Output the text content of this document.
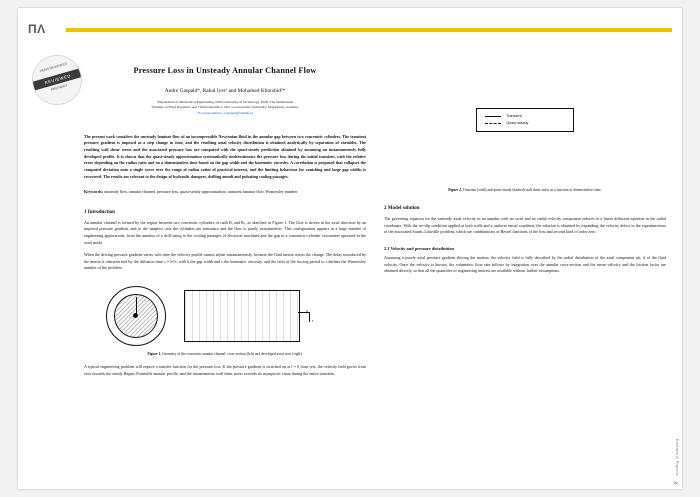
ΠΛ
PEER REVIEWED
REVIEWED
PREPRINT
Pressure Loss in Unsteady Annular Channel Flow
Andre Gaspald*, Rahul Iyer¹ and Mohamed Khorshid²*
¹Department of Mechanical Engineering, Delft University of Technology, Delft, The Netherlands
²Institute of Fluid Dynamics and Thermodynamics, Otto-von-Guericke University, Magdeburg, Germany
*Correspondence: a.gaspald@tudelft.nl
The present work considers the unsteady laminar flow of an incompressible Newtonian fluid in the annular gap between two concentric cylinders. The transient pressure gradient is imposed as a step change in time, and the resulting axial velocity distribution is obtained analytically by separation of variables. The resulting wall shear stress and the associated pressure loss are compared with the quasi-steady prediction obtained by assuming an instantaneously fully developed profile. It is shown that the quasi-steady approximation systematically underestimates the pressure loss during the initial transient, with the relative error depending on the radius ratio and on a dimensionless time based on the gap width and the kinematic viscosity. A correlation is proposed that collapses the computed deviation onto a single curve over the range of radius ratios of practical interest, and the limiting behaviour for vanishing and large gap widths is recovered. The results are relevant to the design of hydraulic dampers, drilling annuli and pulsating cooling passages.
Keywords: unsteady flow, annular channel, pressure loss, quasi-steady approximation, transient laminar flow, Womersley number
1 Introduction

An annular channel is formed by the region between two concentric cylinders of radii Rᵢ and Rₒ, as sketched in Figure 1. The flow is driven in the axial direction by an imposed pressure gradient, and in the simplest case the cylinders are stationary and the flow is purely axisymmetric. This configuration appears in a large number of engineering applications, from the annulus of a drill string to the cooling passages of electrical machines and the gap in a concentric-cylinder viscometer operated in the axial mode.

When the driving pressure gradient varies with time the velocity profile cannot adjust instantaneously, because the fluid inertia resists the change. The delay introduced by the inertia is characterised by the diffusion time τ = h²/ν, with h the gap width and ν the kinematic viscosity, and the ratio of the forcing period to τ defines the Womersley number of the problem.

x
r
Figure 1. Geometry of the concentric annular channel: cross-section (left) and developed axial view (right).

A typical engineering problem will require a transfer function for the pressure loss. If the pressure gradient is switched on at t = 0 from rest, the velocity field grows from zero towards the steady Hagen–Poiseuille annular profile, and the instantaneous wall shear stress exceeds its asymptotic value during the entire transient.

Transient
Quasi-steady
Figure 2. Transient (solid) and quasi-steady (dashed) wall shear stress as a function of dimensionless time.

2 Model solution

The governing equation for the unsteady axial velocity in an annulus with no swirl and no radial velocity component reduces to a linear diffusion equation in the radial coordinate. With the no-slip condition applied at both walls and a uniform initial condition, the solution is obtained by expanding the velocity defect in the eigenfunctions of the associated Sturm–Liouville problem, which are combinations of Bessel functions of the first and second kind of order zero.

2.1 Velocity and pressure distribution

Assuming a purely axial pressure gradient driving the motion, the velocity field is fully described by the radial distribution of the axial component u(r, t) of the fluid velocity. Once the velocity is known, the volumetric flow rate follows by integration over the annular cross-section and the mean velocity and the friction factor are obtained directly, so that all the quantities of engineering interest are available without further assumptions.

frontiers in Physics
01
